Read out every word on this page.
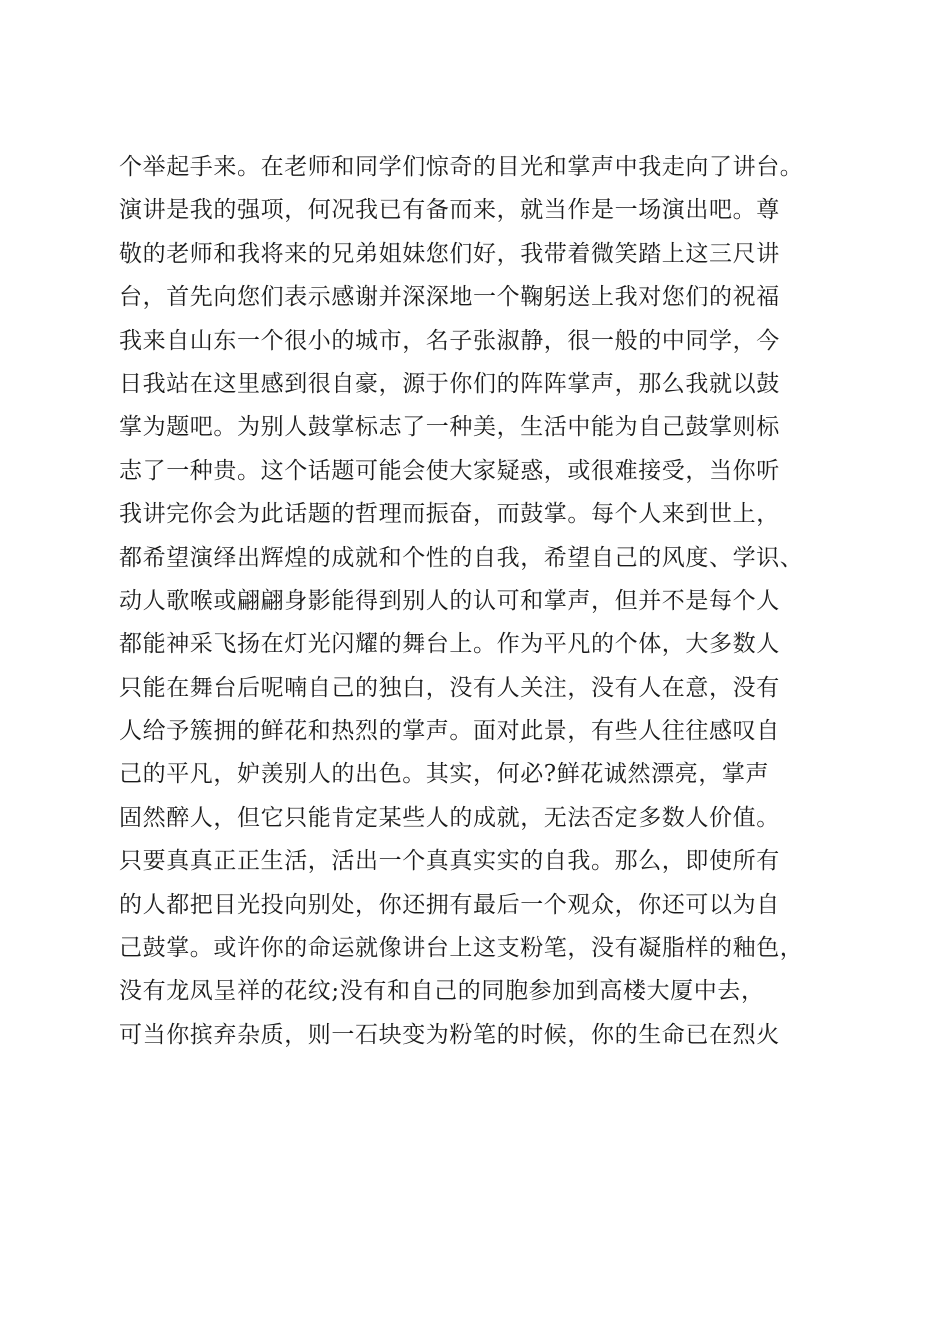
个举起手来。在老师和同学们惊奇的目光和掌声中我走向了讲台。
演讲是我的强项，何况我已有备而来，就当作是一场演出吧。尊
敬的老师和我将来的兄弟姐妹您们好，我带着微笑踏上这三尺讲
台，首先向您们表示感谢并深深地一个鞠躬送上我对您们的祝福
我来自山东一个很小的城市，名子张淑静，很一般的中同学，今
日我站在这里感到很自豪，源于你们的阵阵掌声，那么我就以鼓
掌为题吧。为别人鼓掌标志了一种美，生活中能为自己鼓掌则标
志了一种贵。这个话题可能会使大家疑惑，或很难接受，当你听
我讲完你会为此话题的哲理而振奋，而鼓掌。每个人来到世上，
都希望演绎出辉煌的成就和个性的自我，希望自己的风度、学识、
动人歌喉或翩翩身影能得到别人的认可和掌声，但并不是每个人
都能神采飞扬在灯光闪耀的舞台上。作为平凡的个体，大多数人
只能在舞台后呢喃自己的独白，没有人关注，没有人在意，没有
人给予簇拥的鲜花和热烈的掌声。面对此景，有些人往往感叹自
己的平凡，妒羡别人的出色。其实，何必?鲜花诚然漂亮，掌声
固然醉人，但它只能肯定某些人的成就，无法否定多数人价值。
只要真真正正生活，活出一个真真实实的自我。那么，即使所有
的人都把目光投向别处，你还拥有最后一个观众，你还可以为自
己鼓掌。或许你的命运就像讲台上这支粉笔，没有凝脂样的釉色，
没有龙凤呈祥的花纹;没有和自己的同胞参加到高楼大厦中去，
可当你摈弃杂质，则一石块变为粉笔的时候，你的生命已在烈火
